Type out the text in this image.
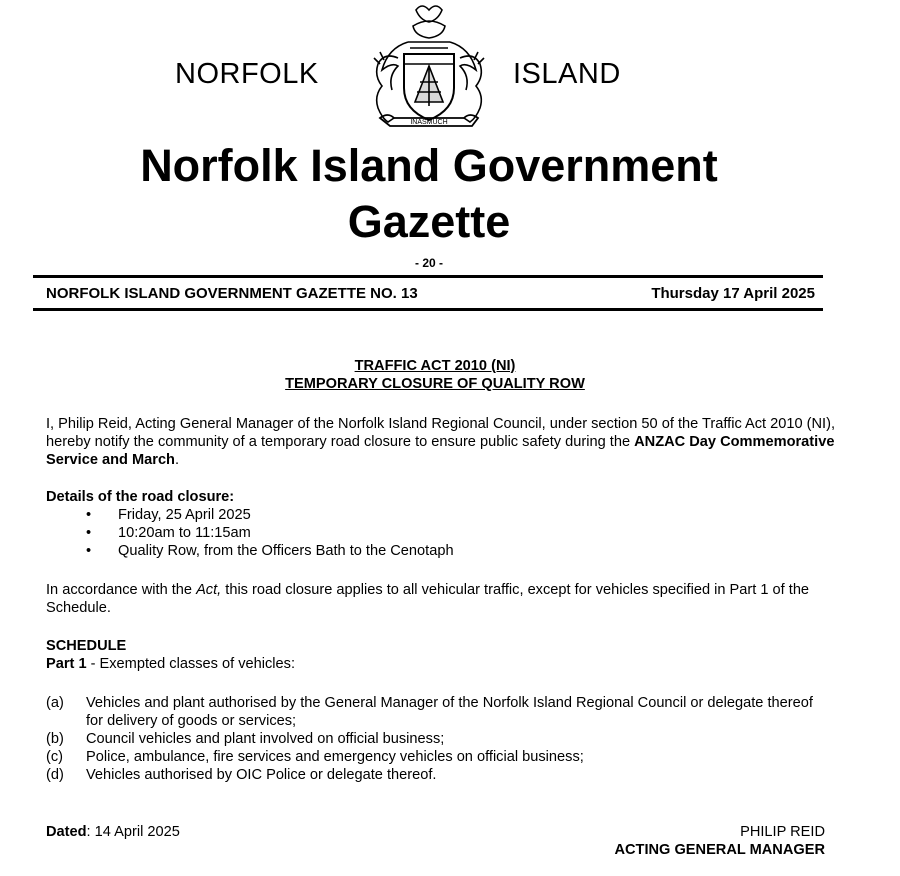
NORFOLK	ISLAND
INASMUCH
Norfolk Island Government
Gazette
- 20 -
NORFOLK ISLAND GOVERNMENT GAZETTE NO. 13	Thursday 17 April 2025
TRAFFIC ACT 2010 (NI)
TEMPORARY CLOSURE OF QUALITY ROW
I, Philip Reid, Acting General Manager of the Norfolk Island Regional Council, under section 50 of the Traffic Act 2010 (NI), hereby notify the community of a temporary road closure to ensure public safety during the ANZAC Day Commemorative Service and March.
Details of the road closure:
• Friday, 25 April 2025
• 10:20am to 11:15am
• Quality Row, from the Officers Bath to the Cenotaph
In accordance with the Act, this road closure applies to all vehicular traffic, except for vehicles specified in Part 1 of the Schedule.
SCHEDULE
Part 1 - Exempted classes of vehicles:
(a) Vehicles and plant authorised by the General Manager of the Norfolk Island Regional Council or delegate thereof for delivery of goods or services;
(b) Council vehicles and plant involved on official business;
(c) Police, ambulance, fire services and emergency vehicles on official business;
(d) Vehicles authorised by OIC Police or delegate thereof.
Dated: 14 April 2025	PHILIP REID
ACTING GENERAL MANAGER
